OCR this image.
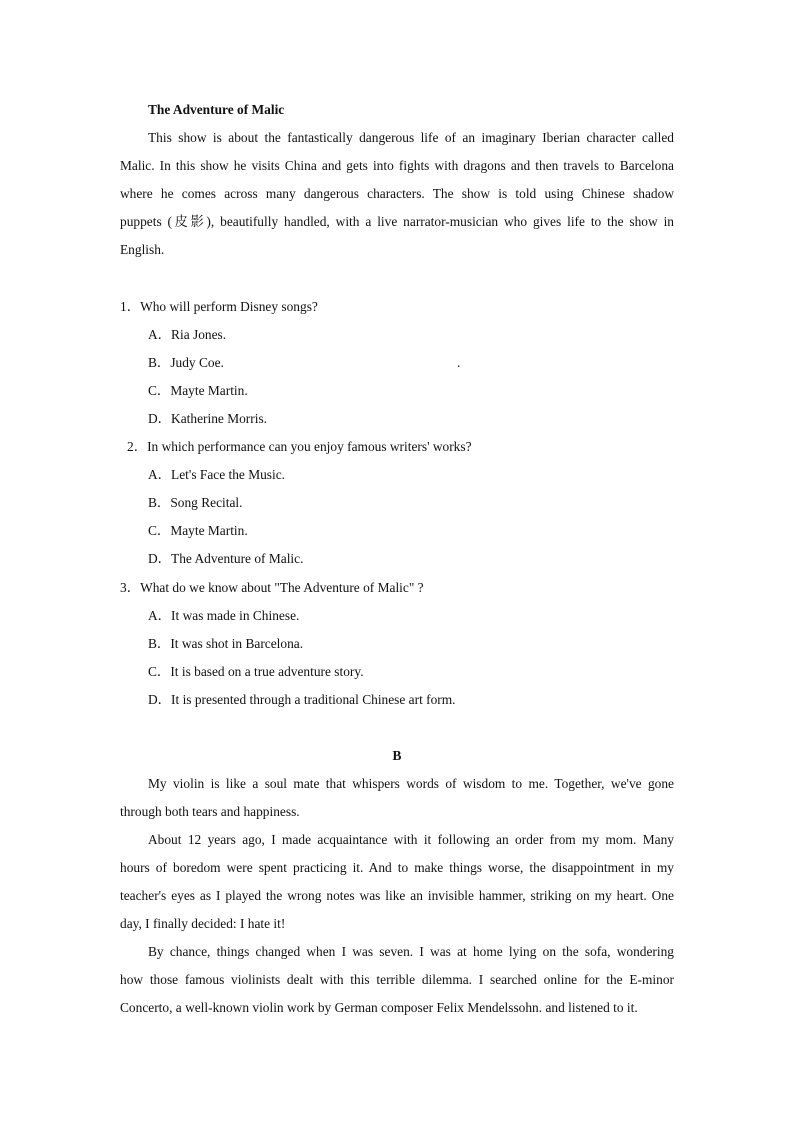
The Adventure of Malic
This show is about the fantastically dangerous life of an imaginary Iberian character called
Malic. In this show he visits China and gets into fights with dragons and then travels to Barcelona
where he comes across many dangerous characters. The show is told using Chinese shadow
puppets (皮影), beautifully handled, with a live narrator-musician who gives life to the show in
English.
1．Who will perform Disney songs?
A．Ria Jones.
B．Judy Coe.	.
C．Mayte Martin.
D．Katherine Morris.
2．In which performance can you enjoy famous writers' works?
A．Let's Face the Music.
B．Song Recital.
C．Mayte Martin.
D．The Adventure of Malic.
3．What do we know about "The Adventure of Malic" ?
A．It was made in Chinese.
B．It was shot in Barcelona.
C．It is based on a true adventure story.
D．It is presented through a traditional Chinese art form.
B
My violin is like a soul mate that whispers words of wisdom to me. Together, we've gone
through both tears and happiness.
About 12 years ago, I made acquaintance with it following an order from my mom. Many
hours of boredom were spent practicing it. And to make things worse, the disappointment in my
teacher's eyes as I played the wrong notes was like an invisible hammer, striking on my heart. One
day, I finally decided: I hate it!
By chance, things changed when I was seven. I was at home lying on the sofa, wondering
how those famous violinists dealt with this terrible dilemma. I searched online for the E-minor
Concerto, a well-known violin work by German composer Felix Mendelssohn. and listened to it.
